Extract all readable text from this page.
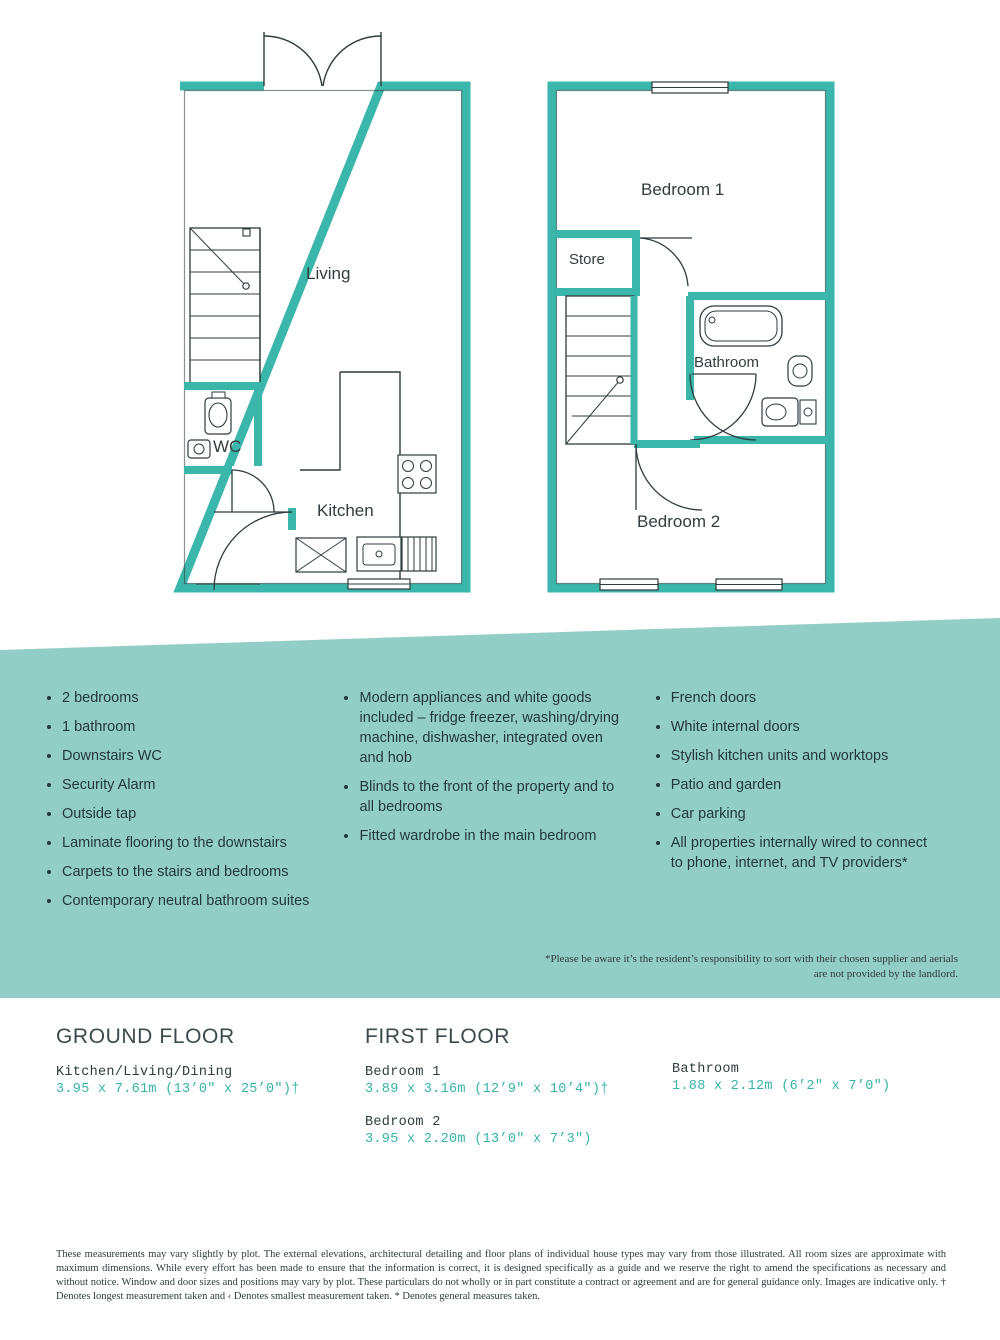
Living
WC
Kitchen
Bedroom 1
Store
Bathroom
Bedroom 2
• 2 bedrooms
• 1 bathroom
• Downstairs WC
• Security Alarm
• Outside tap
• Laminate flooring to the downstairs
• Carpets to the stairs and bedrooms
• Contemporary neutral bathroom suites
• Modern appliances and white goods included – fridge freezer, washing/drying machine, dishwasher, integrated oven and hob
• Blinds to the front of the property and to all bedrooms
• Fitted wardrobe in the main bedroom
• French doors
• White internal doors
• Stylish kitchen units and worktops
• Patio and garden
• Car parking
• All properties internally wired to connect to phone, internet, and TV providers*
*Please be aware it’s the resident’s responsibility to sort with their chosen supplier and aerials are not provided by the landlord.
GROUND FLOOR

Kitchen/Living/Dining

3.95 x 7.61m (13’0" x 25’0")†

FIRST FLOOR

Bedroom 1

3.89 x 3.16m (12’9" x 10’4")†

Bedroom 2

3.95 x 2.20m (13’0" x 7’3")

Bathroom

1.88 x 2.12m (6’2" x 7’0")

These measurements may vary slightly by plot. The external elevations, architectural detailing and floor plans of individual house types may vary from those illustrated. All room sizes are approximate with maximum dimensions. While every effort has been made to ensure that the information is correct, it is designed specifically as a guide and we reserve the right to amend the specifications as necessary and without notice. Window and door sizes and positions may vary by plot. These particulars do not wholly or in part constitute a contract or agreement and are for general guidance only. Images are indicative only. † Denotes longest measurement taken and ‹ Denotes smallest measurement taken. * Denotes general measures taken.
